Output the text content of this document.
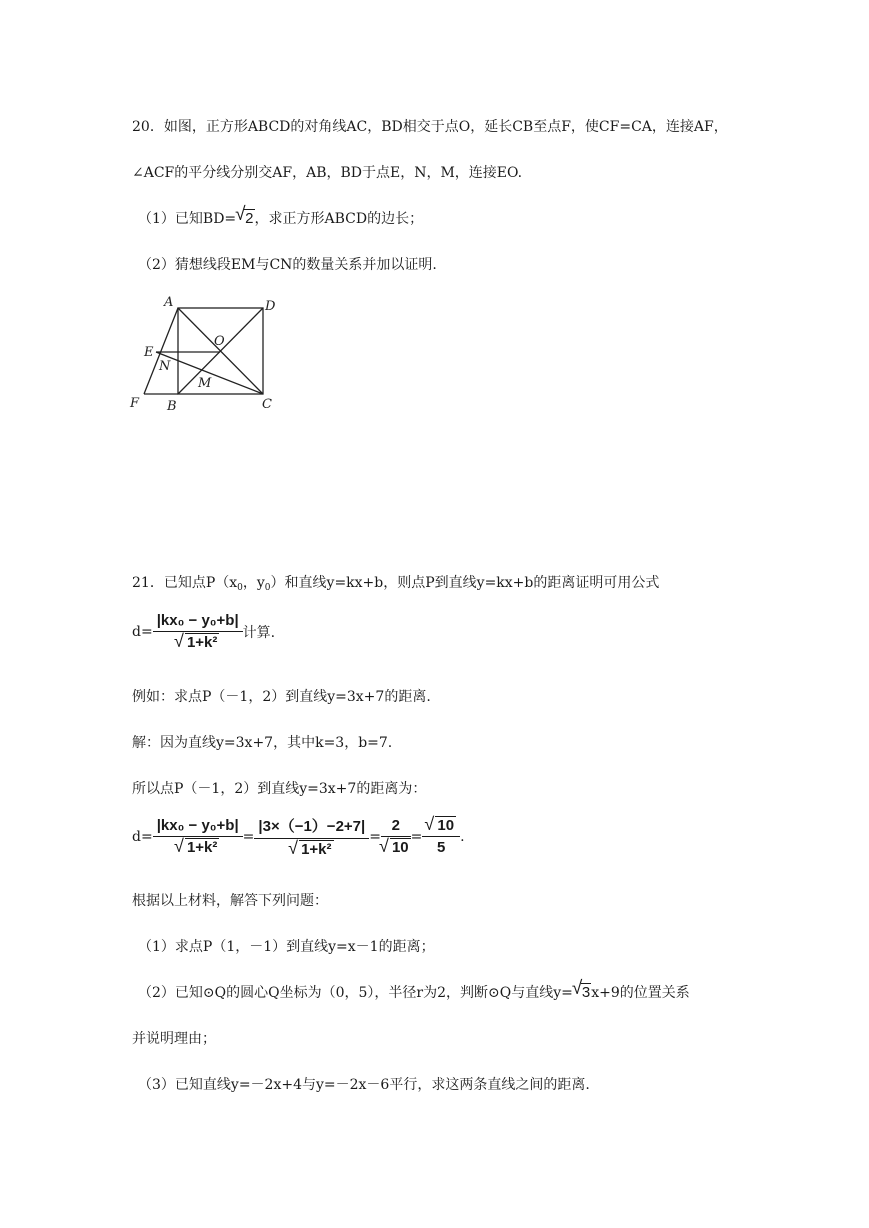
20．如图，正方形ABCD的对角线AC，BD相交于点O，延长CB至点F，使CF=CA，连接AF，
∠ACF的平分线分别交AF，AB，BD于点E，N，M，连接EO.
（1）已知BD= √ 2，求正方形ABCD的边长；
（2）猜想线段EM与CN的数量关系并加以证明.
A	D
E
O
N
M
F B	C
21．已知点$P(x_0$，$y_0$）和直线y=kx+b，则点P到直线y=kx+b的距离证明可用公式
d= |kx₀ − y₀+b|
√ 1+k² 计算.
例如：求点P（－1，2）到直线y=3x+7的距离.
解：因为直线y=3x+7，其中k=3，b=7.
所以点P（－1，2）到直线y=3x+7的距离为：
d= |kx₀ − y₀+b|
√ 1+k² = |3×（−1）−2+7|
√ 1+k² = 2
√ 10 = √ $\frac{10}{5}$ .
根据以上材料，解答下列问题：
（1）求点P（1，－1）到直线y=x－1的距离；
（2）已知⊙Q的圆心Q坐标为（0，5），半径r为2，判断⊙Q与直线y= √ 3x+9的位置关系
并说明理由；
（3）已知直线y=－2x+4与y=－2x－6平行，求这两条直线之间的距离.
